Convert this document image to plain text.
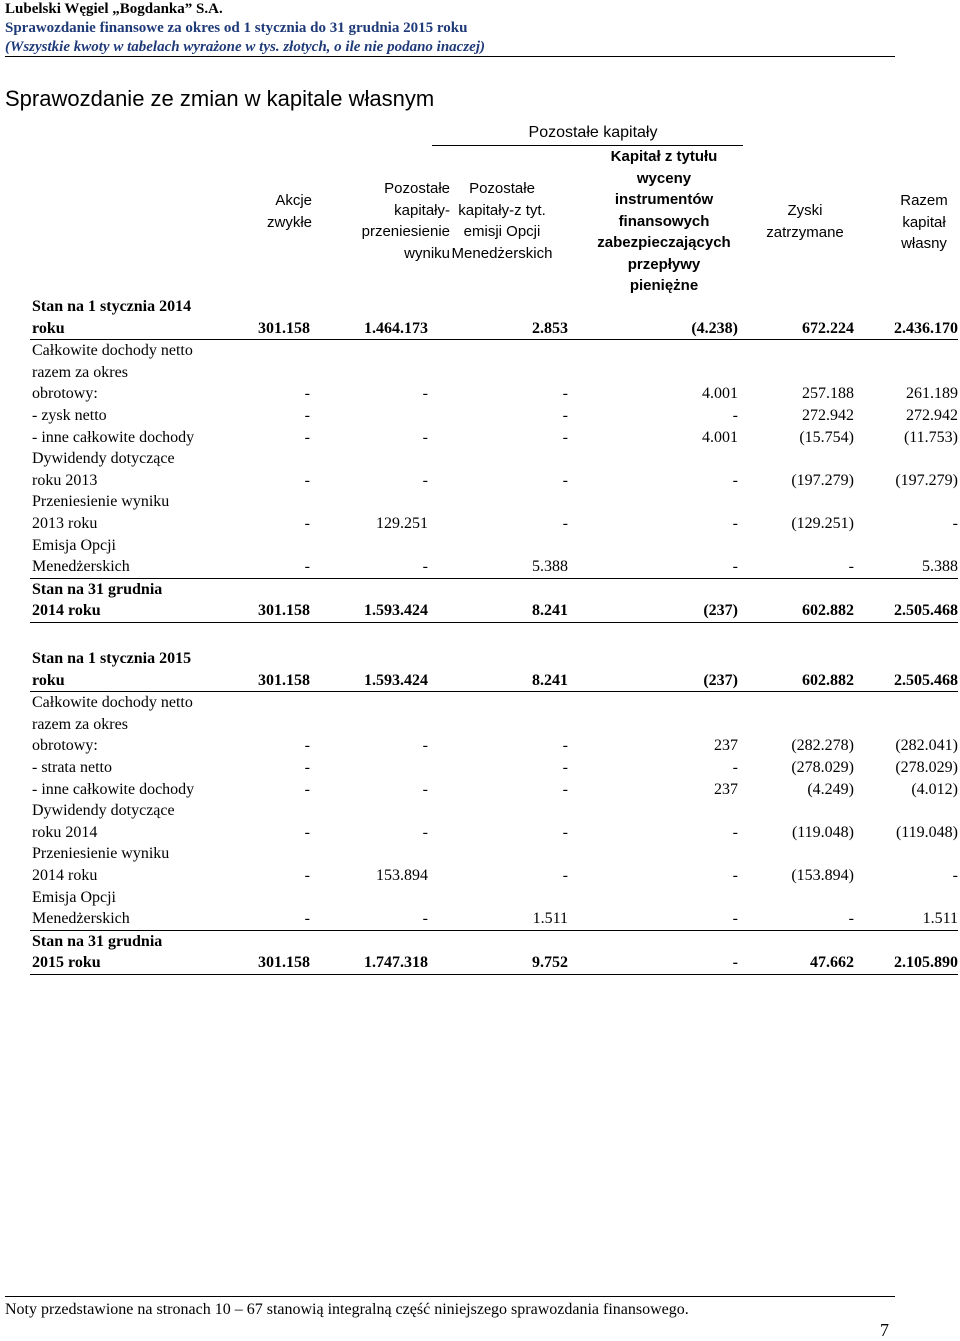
Lubelski Węgiel „Bogdanka” S.A.
Sprawozdanie finansowe za okres od 1 stycznia do 31 grudnia 2015 roku
(Wszystkie kwoty w tabelach wyrażone w tys. złotych, o ile nie podano inaczej)
Sprawozdanie ze zmian w kapitale własnym
Akcje
zwykłe
Pozostałe
kapitały-
przeniesienie
wyniku
Pozostałe
kapitały-z tyt.
emisji Opcji
Menedżerskich
Pozostałe kapitały
Kapitał z tytułu
wyceny
instrumentów
finansowych
zabezpieczających
przepływy
pieniężne
Zyski
zatrzymane
Razem
kapitał
własny
Stan na 1 stycznia 2014
roku	301.158	1.464.173	2.853	(4.238)	672.224	2.436.170
Całkowite dochody netto
razem za okres
obrotowy:	-	-	-	4.001	257.188	261.189
- zysk netto	-		-	-	272.942	272.942
- inne całkowite dochody	-	-	-	4.001	(15.754)	(11.753)
Dywidendy dotyczące
roku 2013	-	-	-	-	(197.279)	(197.279)
Przeniesienie wyniku
2013 roku	-	129.251	-	-	(129.251)	-
Emisja Opcji
Menedżerskich	-	-	5.388	-	-	5.388
Stan na 31 grudnia
2014 roku	301.158	1.593.424	8.241	(237)	602.882	2.505.468
Stan na 1 stycznia 2015
roku	301.158	1.593.424	8.241	(237)	602.882	2.505.468
Całkowite dochody netto
razem za okres
obrotowy:	-	-	-	237	(282.278)	(282.041)
- strata netto	-		-	-	(278.029)	(278.029)
- inne całkowite dochody	-	-	-	237	(4.249)	(4.012)
Dywidendy dotyczące
roku 2014	-	-	-	-	(119.048)	(119.048)
Przeniesienie wyniku
2014 roku	-	153.894	-	-	(153.894)	-
Emisja Opcji
Menedżerskich	-	-	1.511	-	-	1.511
Stan na 31 grudnia
2015 roku	301.158	1.747.318	9.752	-	47.662	2.105.890
Noty przedstawione na stronach 10 – 67 stanowią integralną część niniejszego sprawozdania finansowego.
7
